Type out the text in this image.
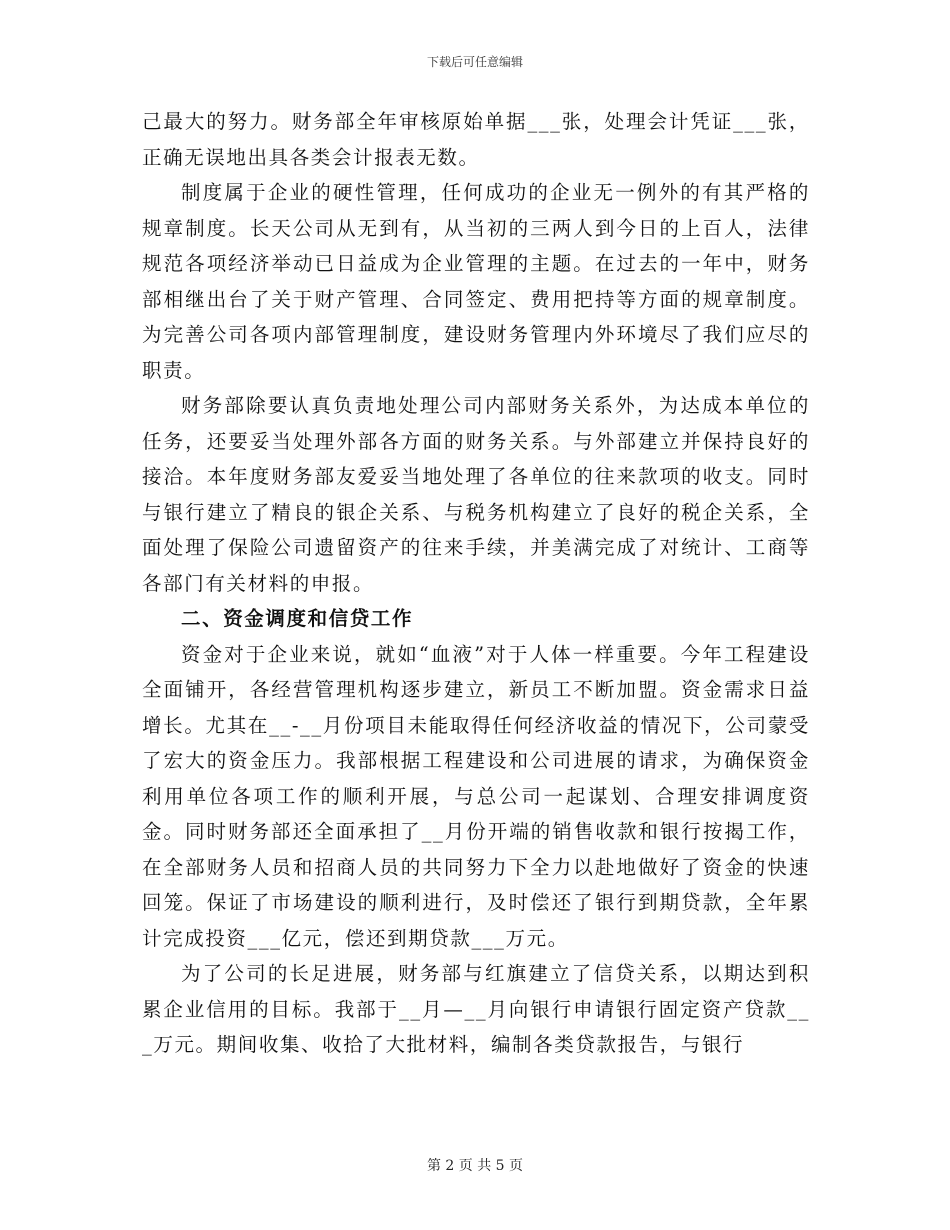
下载后可任意编辑

己最大的努力。财务部全年审核原始单据___张，处理会计凭证___张，正确无误地出具各类会计报表无数。

制度属于企业的硬性管理，任何成功的企业无一例外的有其严格的规章制度。长天公司从无到有，从当初的三两人到今日的上百人，法律规范各项经济举动已日益成为企业管理的主题。在过去的一年中，财务部相继出台了关于财产管理、合同签定、费用把持等方面的规章制度。为完善公司各项内部管理制度，建设财务管理内外环境尽了我们应尽的职责。

财务部除要认真负责地处理公司内部财务关系外，为达成本单位的任务，还要妥当处理外部各方面的财务关系。与外部建立并保持良好的接洽。本年度财务部友爱妥当地处理了各单位的往来款项的收支。同时与银行建立了精良的银企关系、与税务机构建立了良好的税企关系，全面处理了保险公司遗留资产的往来手续，并美满完成了对统计、工商等各部门有关材料的申报。

二、资金调度和信贷工作

资金对于企业来说，就如“血液”对于人体一样重要。今年工程建设全面铺开，各经营管理机构逐步建立，新员工不断加盟。资金需求日益增长。尤其在__-__月份项目未能取得任何经济收益的情况下，公司蒙受了宏大的资金压力。我部根据工程建设和公司进展的请求，为确保资金利用单位各项工作的顺利开展，与总公司一起谋划、合理安排调度资金。同时财务部还全面承担了__月份开端的销售收款和银行按揭工作，在全部财务人员和招商人员的共同努力下全力以赴地做好了资金的快速回笼。保证了市场建设的顺利进行，及时偿还了银行到期贷款，全年累计完成投资___亿元，偿还到期贷款___万元。

为了公司的长足进展，财务部与红旗建立了信贷关系，以期达到积累企业信用的目标。我部于__月—__月向银行申请银行固定资产贷款___万元。期间收集、收拾了大批材料，编制各类贷款报告，与银行

第 2 页 共 5 页
